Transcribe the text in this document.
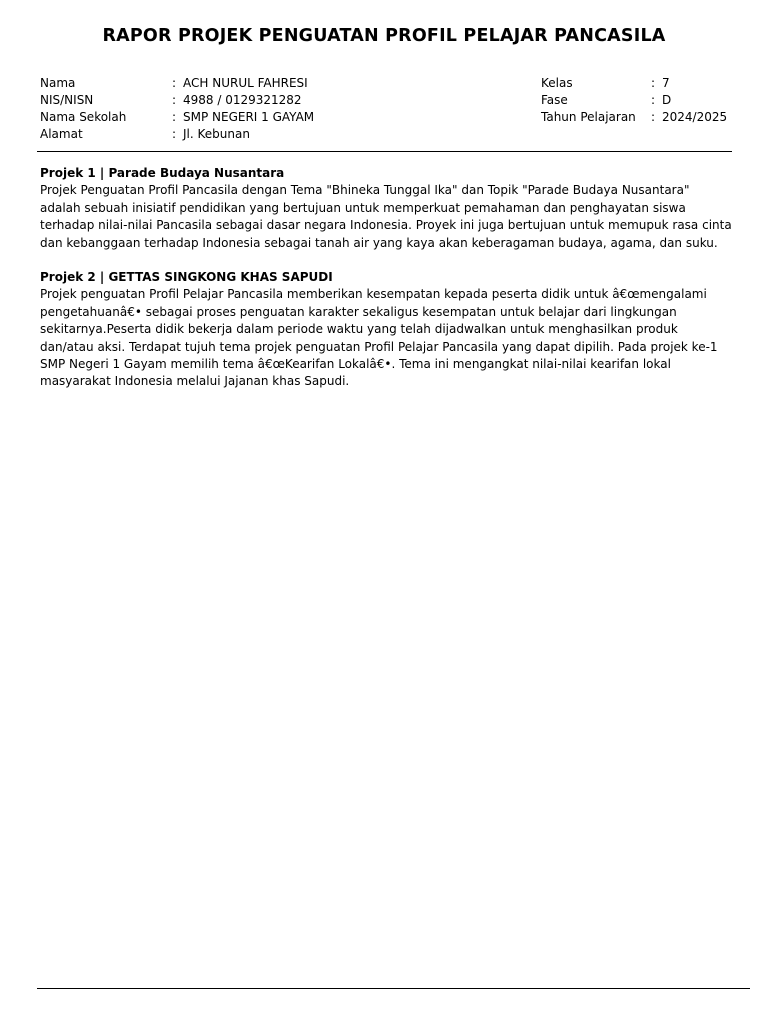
RAPOR PROJEK PENGUATAN PROFIL PELAJAR PANCASILA
Nama	: ACH NURUL FAHRESI
NIS/NISN	: 4988 / 0129321282
Nama Sekolah	: SMP NEGERI 1 GAYAM
Alamat	: Jl. Kebunan
Kelas	: 7
Fase	: D
Tahun Pelajaran	: 2024/2025
Projek 1 | Parade Budaya Nusantara
Projek Penguatan Profil Pancasila dengan Tema "Bhineka Tunggal Ika" dan Topik "Parade Budaya Nusantara" adalah sebuah inisiatif pendidikan yang bertujuan untuk memperkuat pemahaman dan penghayatan siswa terhadap nilai-nilai Pancasila sebagai dasar negara Indonesia. Proyek ini juga bertujuan untuk memupuk rasa cinta dan kebanggaan terhadap Indonesia sebagai tanah air yang kaya akan keberagaman budaya, agama, dan suku.
Projek 2 | GETTAS SINGKONG KHAS SAPUDI
Projek penguatan Profil Pelajar Pancasila memberikan kesempatan kepada peserta didik untuk â€œmengalami pengetahuanâ€• sebagai proses penguatan karakter sekaligus kesempatan untuk belajar dari lingkungan sekitarnya.Peserta didik bekerja dalam periode waktu yang telah dijadwalkan untuk menghasilkan produk dan/atau aksi. Terdapat tujuh tema projek penguatan Profil Pelajar Pancasila yang dapat dipilih. Pada projek ke-1 SMP Negeri 1 Gayam memilih tema â€œKearifan Lokalâ€•. Tema ini mengangkat nilai-nilai kearifan lokal masyarakat Indonesia melalui Jajanan khas Sapudi.
